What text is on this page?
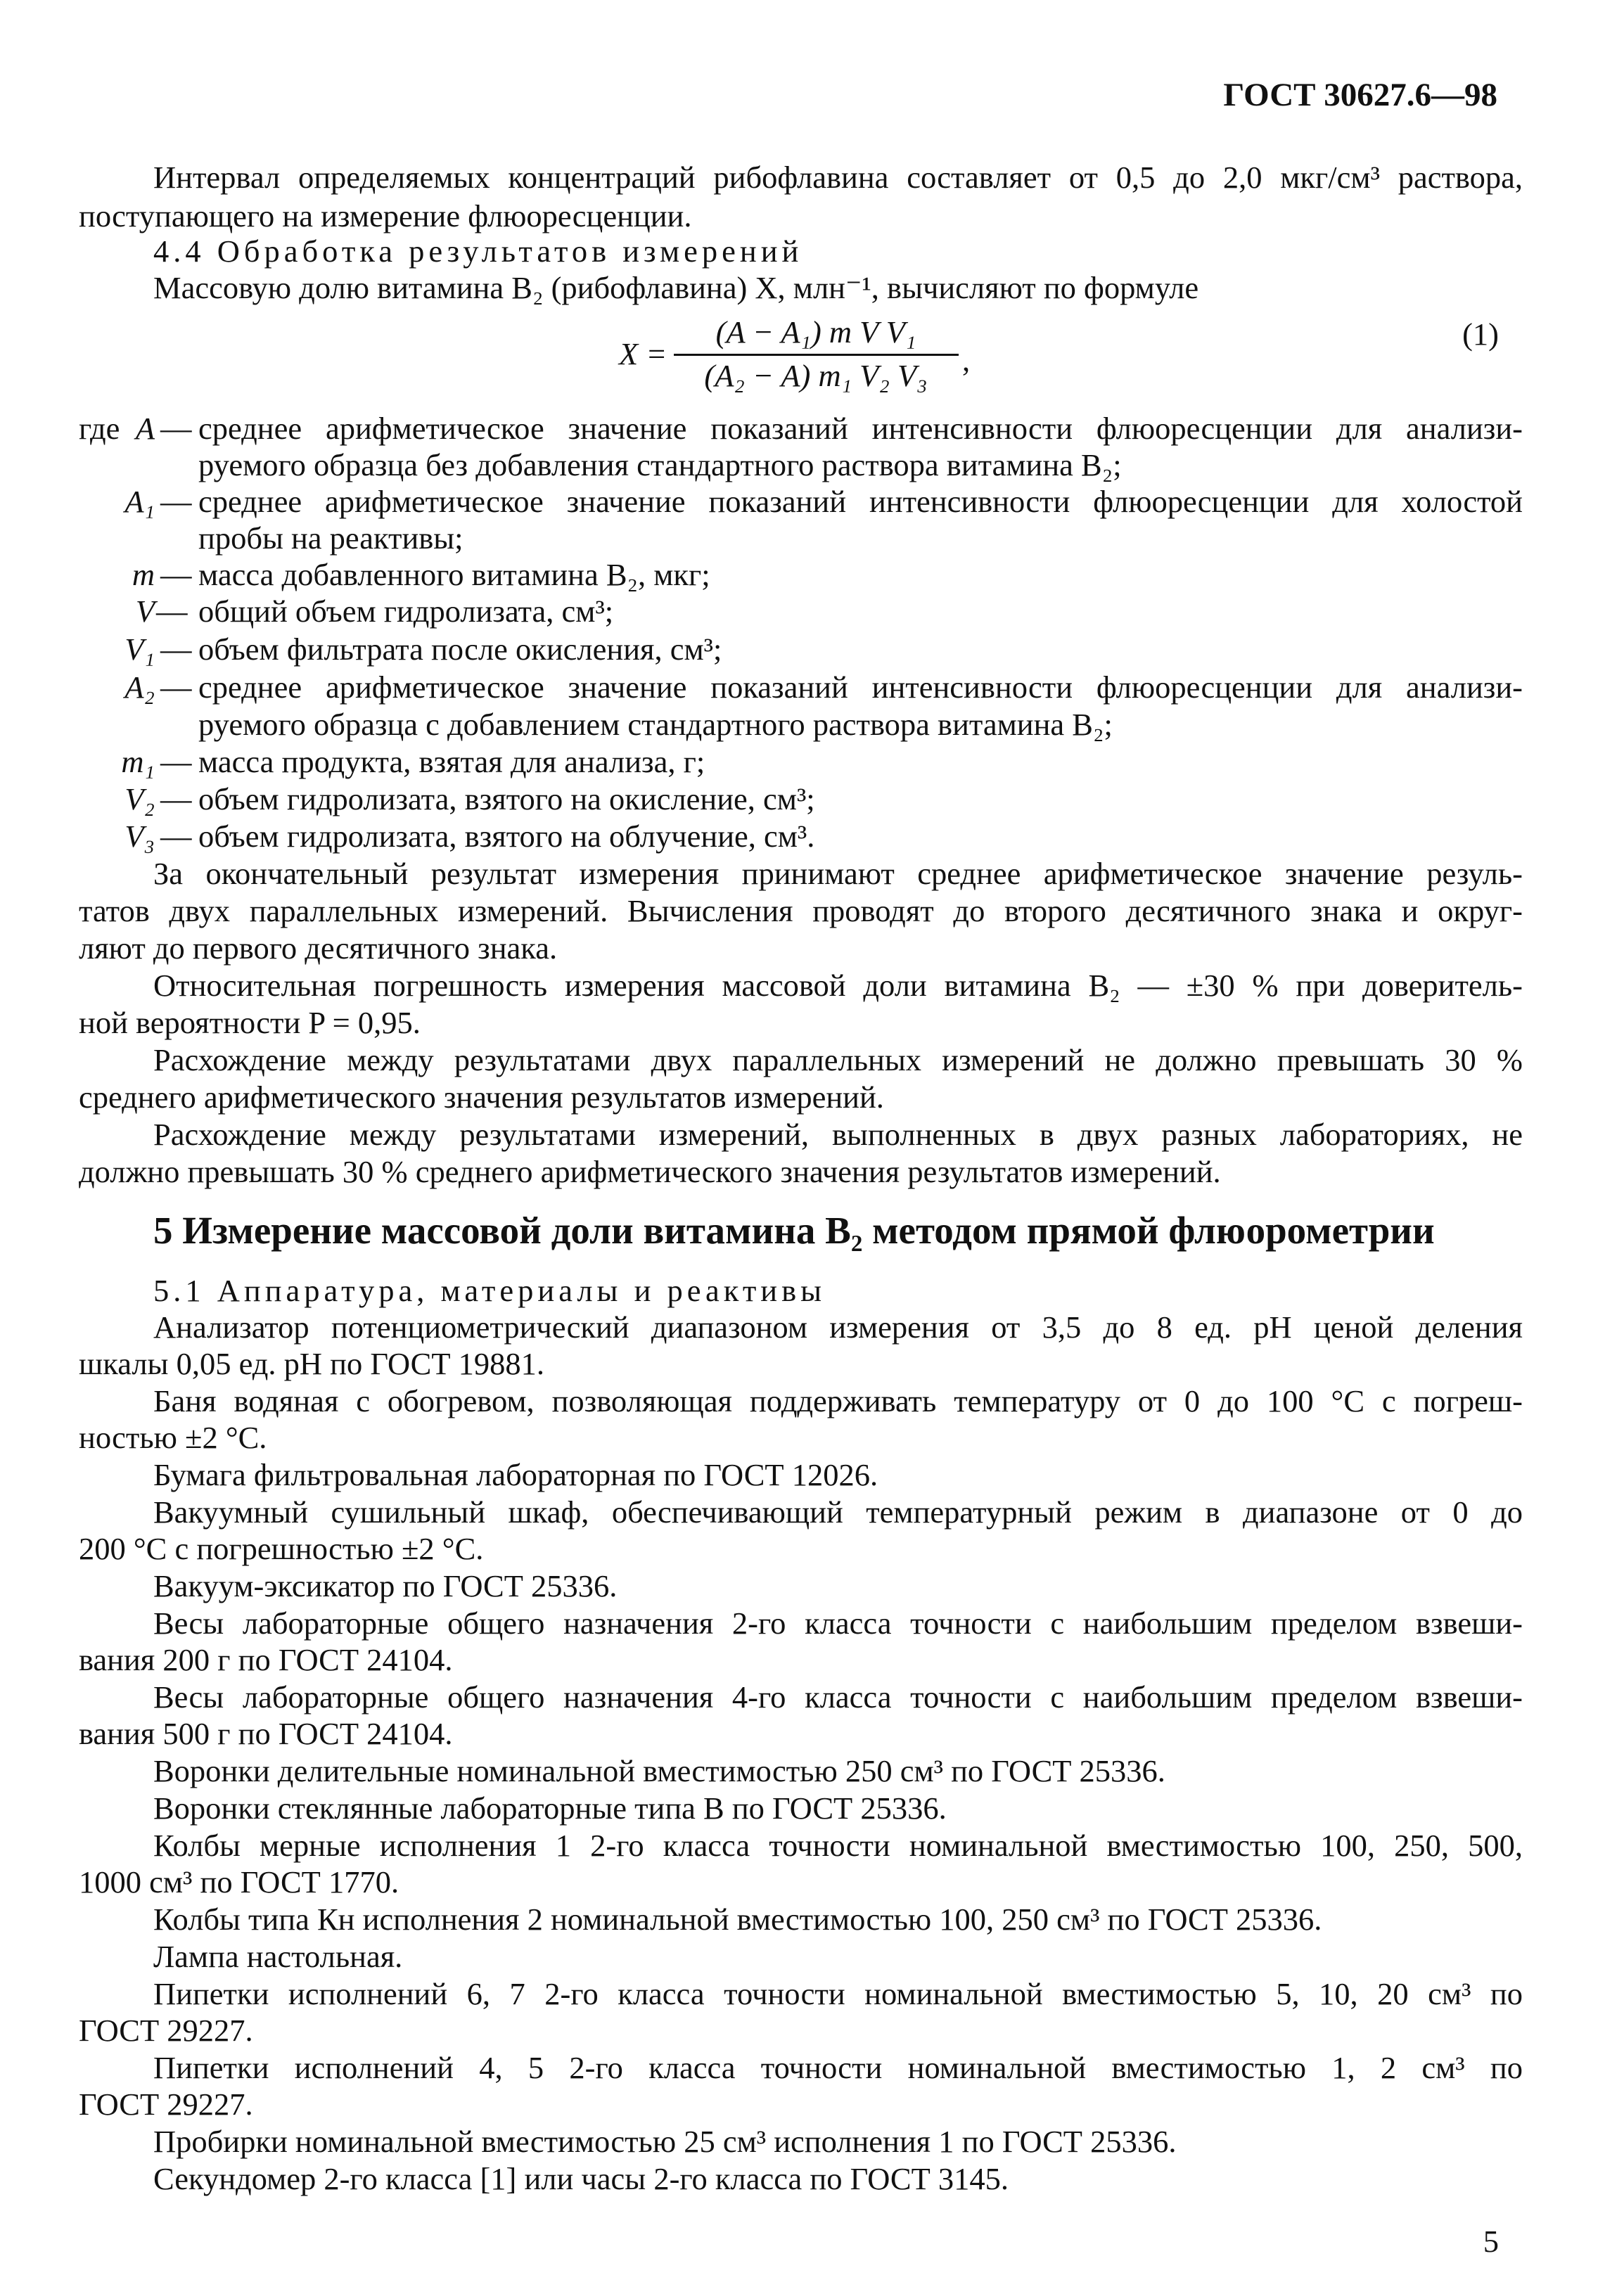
ГОСТ 30627.6—98
Интервал определяемых концентраций рибофлавина составляет от 0,5 до 2,0 мкг/см³ раствора,
поступающего на измерение флюоресценции.
4.4 Обработка результатов измерений
Массовую долю витамина B₂ (рибофлавина) X, млн⁻¹, вычисляют по формуле
X =
(A − A₁) m V V₁
(A₂ − A) m₁ V₂ V₃	,
(1)
где A — среднее арифметическое значение показаний интенсивности флюоресценции для анализи-
руемого образца без добавления стандартного раствора витамина B₂;
A₁ — среднее арифметическое значение показаний интенсивности флюоресценции для холостой
пробы на реактивы;
m — масса добавленного витамина B₂, мкг;
V — общий объем гидролизата, см³;
V₁ — объем фильтрата после окисления, см³;
A₂ — среднее арифметическое значение показаний интенсивности флюоресценции для анализи-
руемого образца с добавлением стандартного раствора витамина B₂;
m₁ — масса продукта, взятая для анализа, г;
V₂ — объем гидролизата, взятого на окисление, см³;
V₃ — объем гидролизата, взятого на облучение, см³.
За окончательный результат измерения принимают среднее арифметическое значение резуль-
татов двух параллельных измерений. Вычисления проводят до второго десятичного знака и округ-
ляют до первого десятичного знака.
Относительная погрешность измерения массовой доли витамина B₂ — ±30 % при доверитель-
ной вероятности P = 0,95.
Расхождение между результатами двух параллельных измерений не должно превышать 30 %
среднего арифметического значения результатов измерений.
Расхождение между результатами измерений, выполненных в двух разных лабораториях, не
должно превышать 30 % среднего арифметического значения результатов измерений.
5 Измерение массовой доли витамина B₂ методом прямой флюорометрии
5.1 Аппаратура, материалы и реактивы
Анализатор потенциометрический диапазоном измерения от 3,5 до 8 ед. pH ценой деления
шкалы 0,05 ед. pH по ГОСТ 19881.
Баня водяная с обогревом, позволяющая поддерживать температуру от 0 до 100 °С с погреш-
ностью ±2 °С.
Бумага фильтровальная лабораторная по ГОСТ 12026.
Вакуумный сушильный шкаф, обеспечивающий температурный режим в диапазоне от 0 до
200 °С с погрешностью ±2 °С.
Вакуум-эксикатор по ГОСТ 25336.
Весы лабораторные общего назначения 2-го класса точности с наибольшим пределом взвеши-
вания 200 г по ГОСТ 24104.
Весы лабораторные общего назначения 4-го класса точности с наибольшим пределом взвеши-
вания 500 г по ГОСТ 24104.
Воронки делительные номинальной вместимостью 250 см³ по ГОСТ 25336.
Воронки стеклянные лабораторные типа В по ГОСТ 25336.
Колбы мерные исполнения 1 2-го класса точности номинальной вместимостью 100, 250, 500,
1000 см³ по ГОСТ 1770.
Колбы типа Кн исполнения 2 номинальной вместимостью 100, 250 см³ по ГОСТ 25336.
Лампа настольная.
Пипетки исполнений 6, 7 2-го класса точности номинальной вместимостью 5, 10, 20 см³ по
ГОСТ 29227.
Пипетки исполнений 4, 5 2-го класса точности номинальной вместимостью 1, 2 см³ по
ГОСТ 29227.
Пробирки номинальной вместимостью 25 см³ исполнения 1 по ГОСТ 25336.
Секундомер 2-го класса [1] или часы 2-го класса по ГОСТ 3145.
5
